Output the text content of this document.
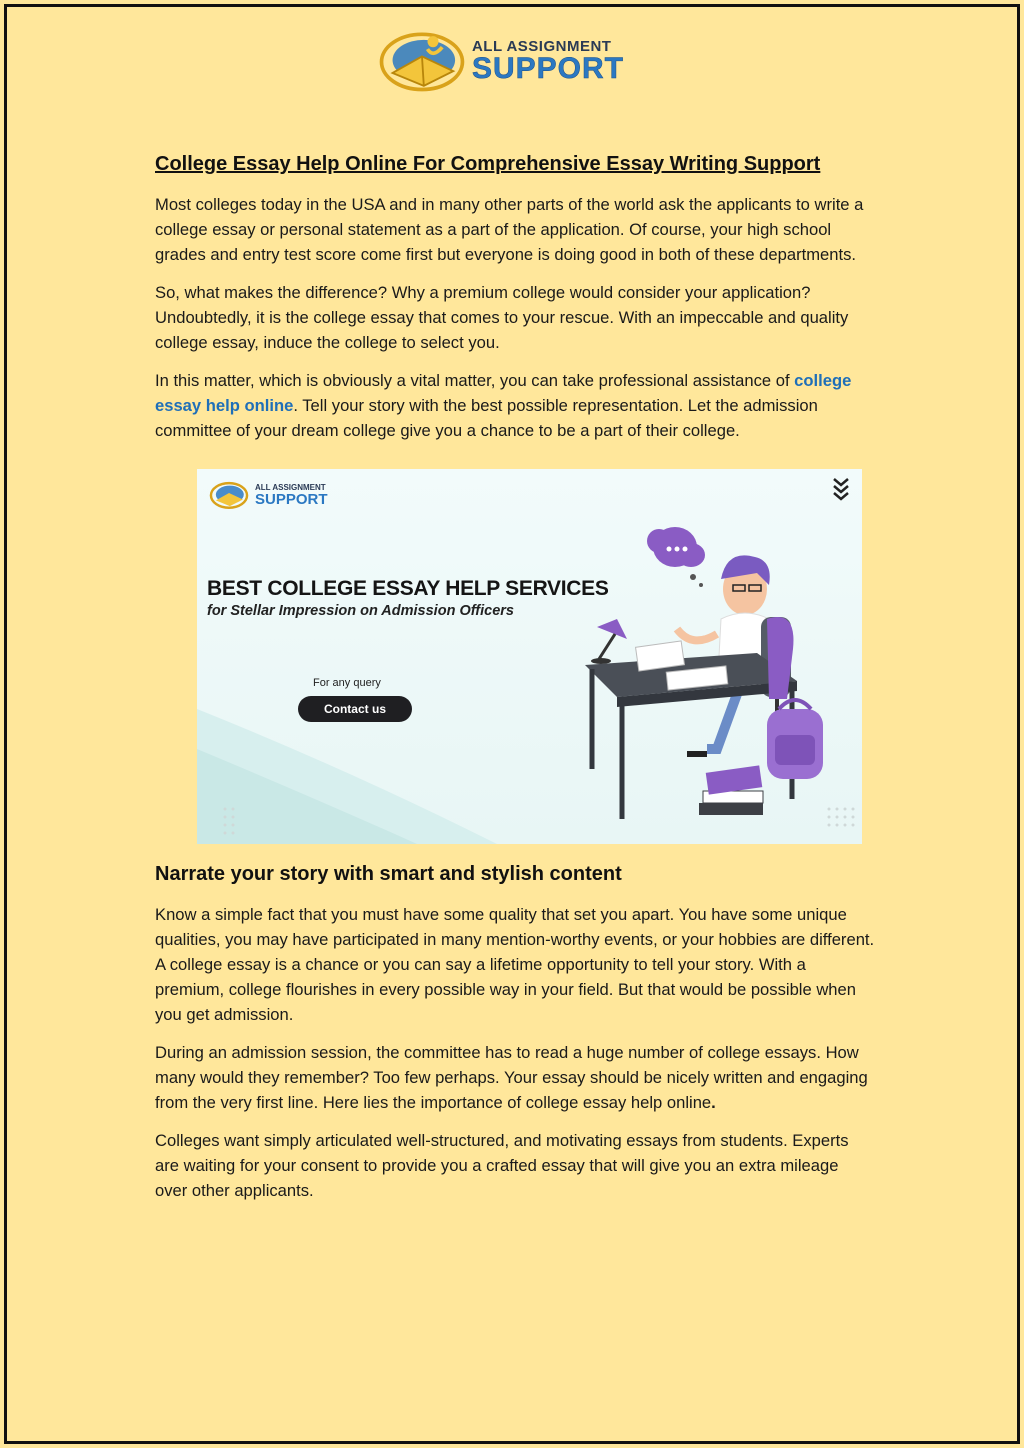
ALL ASSIGNMENT
SUPPORT
College Essay Help Online For Comprehensive Essay Writing Support

Most colleges today in the USA and in many other parts of the world ask the applicants to write a college essay or personal statement as a part of the application. Of course, your high school grades and entry test score come first but everyone is doing good in both of these departments.

So, what makes the difference? Why a premium college would consider your application? Undoubtedly, it is the college essay that comes to your rescue. With an impeccable and quality college essay, induce the college to select you.

In this matter, which is obviously a vital matter, you can take professional assistance of college essay help online. Tell your story with the best possible representation. Let the admission committee of your dream college give you a chance to be a part of their college.

ALL ASSIGNMENT
SUPPORT
BEST COLLEGE ESSAY HELP SERVICES
for Stellar Impression on Admission Officers
For any query
Contact us
Narrate your story with smart and stylish content

Know a simple fact that you must have some quality that set you apart. You have some unique qualities, you may have participated in many mention-worthy events, or your hobbies are different. A college essay is a chance or you can say a lifetime opportunity to tell your story. With a premium, college flourishes in every possible way in your field. But that would be possible when you get admission.

During an admission session, the committee has to read a huge number of college essays. How many would they remember? Too few perhaps. Your essay should be nicely written and engaging from the very first line. Here lies the importance of college essay help online.

Colleges want simply articulated well-structured, and motivating essays from students. Experts are waiting for your consent to provide you a crafted essay that will give you an extra mileage over other applicants.
